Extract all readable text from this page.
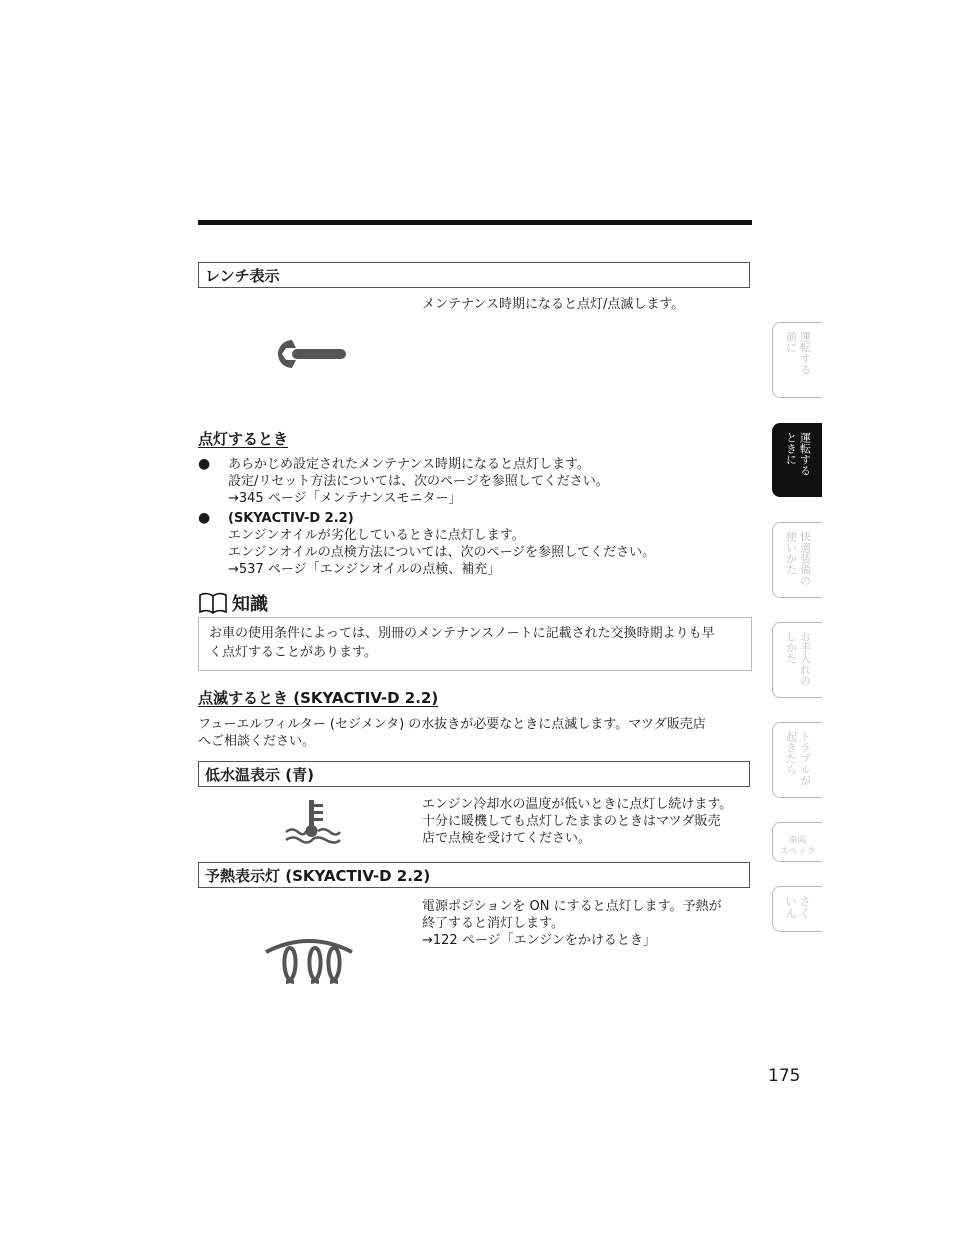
レンチ表示
メンテナンス時期になると点灯/点滅します。
点灯するとき
● あらかじめ設定されたメンテナンス時期になると点灯します。
設定/リセット方法については、次のページを参照してください。
→345 ページ「メンテナンスモニター」
● (SKYACTIV-D 2.2)
エンジンオイルが劣化しているときに点灯します。
エンジンオイルの点検方法については、次のページを参照してください。
→537 ページ「エンジンオイルの点検、補充」
知識
お車の使用条件によっては、別冊のメンテナンスノートに記載された交換時期よりも早
く点灯することがあります。
点滅するとき (SKYACTIV-D 2.2)
フューエルフィルター (セジメンタ) の水抜きが必要なときに点滅します。マツダ販売店
へご相談ください。
低水温表示 (青)
エンジン冷却水の温度が低いときに点灯し続けます。
十分に暖機しても点灯したままのときはマツダ販売
店で点検を受けてください。
予熱表示灯 (SKYACTIV-D 2.2)
電源ポジションを ON にすると点灯します。予熱が
終了すると消灯します。
→122 ページ「エンジンをかけるとき」
運転する
前に
運転する
ときに
快適装備の
使いかた
お手入れの
しかた
トラブルが
起きたら
車両
スペック
さく
いん
175
